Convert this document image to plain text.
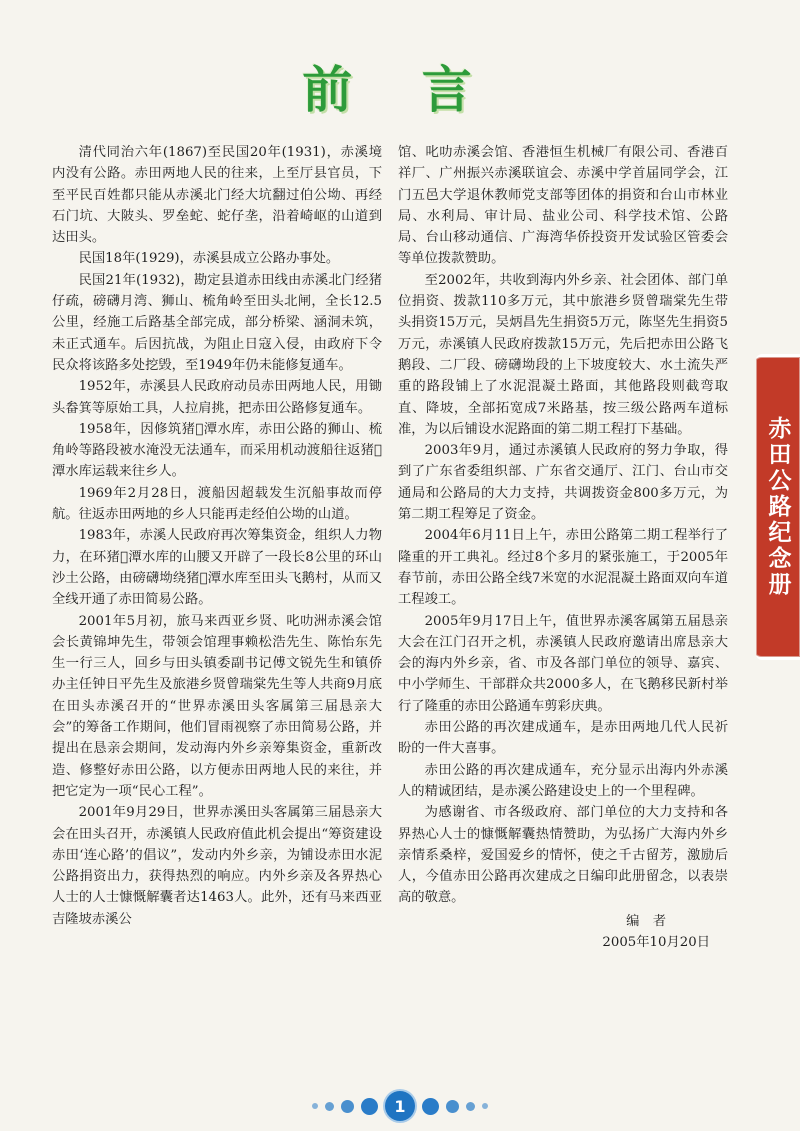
前 言

清代同治六年(1867)至民国20年(1931)，赤溪境内没有公路。赤田两地人民的往来，上至厅县官员，下至平民百姓都只能从赤溪北门经大坑翻过伯公坳、再经石门坑、大陂头、罗垒蛇、蛇仔垄，沿着崎岖的山道到达田头。

民国18年(1929)，赤溪县成立公路办事处。

民国21年(1932)，勘定县道赤田线由赤溪北门经猪仔疏，磅礴月湾、狮山、梳角岭至田头北闸，全长12.5公里，经施工后路基全部完成，部分桥梁、涵洞未筑，未正式通车。后因抗战，为阻止日寇入侵，由政府下令民众将该路多处挖毁，至1949年仍未能修复通车。

1952年，赤溪县人民政府动员赤田两地人民，用锄头畚箕等原始工具，人拉肩挑，把赤田公路修复通车。

1958年，因修筑猪𫐁潭水库，赤田公路的狮山、梳角岭等路段被水淹没无法通车，而采用机动渡船往返猪𫐁潭水库运载来往乡人。

1969年2月28日，渡船因超载发生沉船事故而停航。往返赤田两地的乡人只能再走经伯公坳的山道。

1983年，赤溪人民政府再次筹集资金，组织人力物力，在环猪𫐁潭水库的山腰又开辟了一段长8公里的环山沙土公路，由磅礴坳绕猪𫐁潭水库至田头飞鹅村，从而又全线开通了赤田简易公路。

2001年5月初，旅马来西亚乡贤、叱叻洲赤溪会馆会长黄锦坤先生，带领会馆理事赖松浩先生、陈怡东先生一行三人，回乡与田头镇委副书记傅文锐先生和镇侨办主任钟日平先生及旅港乡贤曾瑞棠先生等人共商9月底在田头赤溪召开的“世界赤溪田头客属第三届恳亲大会”的筹备工作期间，他们冒雨视察了赤田简易公路，并提出在恳亲会期间，发动海内外乡亲筹集资金，重新改造、修整好赤田公路，以方便赤田两地人民的来往，并把它定为一项“民心工程”。

2001年9月29日，世界赤溪田头客属第三届恳亲大会在田头召开，赤溪镇人民政府值此机会提出“筹资建设赤田‘连心路’的倡议”，发动内外乡亲，为铺设赤田水泥公路捐资出力，获得热烈的响应。内外乡亲及各界热心人士的人士慷慨解囊者达1463人。此外，还有马来西亚吉隆坡赤溪公

馆、叱叻赤溪会馆、香港恒生机械厂有限公司、香港百祥厂、广州振兴赤溪联谊会、赤溪中学首届同学会，江门五邑大学退休教师党支部等团体的捐资和台山市林业局、水利局、审计局、盐业公司、科学技术馆、公路局、台山移动通信、广海湾华侨投资开发试验区管委会等单位拨款赞助。

至2002年，共收到海内外乡亲、社会团体、部门单位捐资、拨款110多万元，其中旅港乡贤曾瑞棠先生带头捐资15万元，吴炳昌先生捐资5万元，陈坚先生捐资5万元，赤溪镇人民政府拨款15万元，先后把赤田公路飞鹅段、二厂段、磅礴坳段的上下坡度较大、水土流失严重的路段铺上了水泥混凝土路面，其他路段则截弯取直、降坡，全部拓宽成7米路基，按三级公路两车道标准，为以后铺设水泥路面的第二期工程打下基础。

2003年9月，通过赤溪镇人民政府的努力争取，得到了广东省委组织部、广东省交通厅、江门、台山市交通局和公路局的大力支持，共调拨资金800多万元，为第二期工程筹足了资金。

2004年6月11日上午，赤田公路第二期工程举行了隆重的开工典礼。经过8个多月的紧张施工，于2005年春节前，赤田公路全线7米宽的水泥混凝土路面双向车道工程竣工。

2005年9月17日上午，值世界赤溪客属第五届恳亲大会在江门召开之机，赤溪镇人民政府邀请出席恳亲大会的海内外乡亲，省、市及各部门单位的领导、嘉宾、中小学师生、干部群众共2000多人，在飞鹅移民新村举行了隆重的赤田公路通车剪彩庆典。

赤田公路的再次建成通车，是赤田两地几代人民祈盼的一件大喜事。

赤田公路的再次建成通车，充分显示出海内外赤溪人的精诚团结，是赤溪公路建设史上的一个里程碑。

为感谢省、市各级政府、部门单位的大力支持和各界热心人士的慷慨解囊热情赞助，为弘扬广大海内外乡亲情系桑梓，爱国爱乡的情怀，使之千古留芳，激励后人，今值赤田公路再次建成之日编印此册留念，以表崇高的敬意。

编　者

2005年10月20日

赤田公路纪念册
1
